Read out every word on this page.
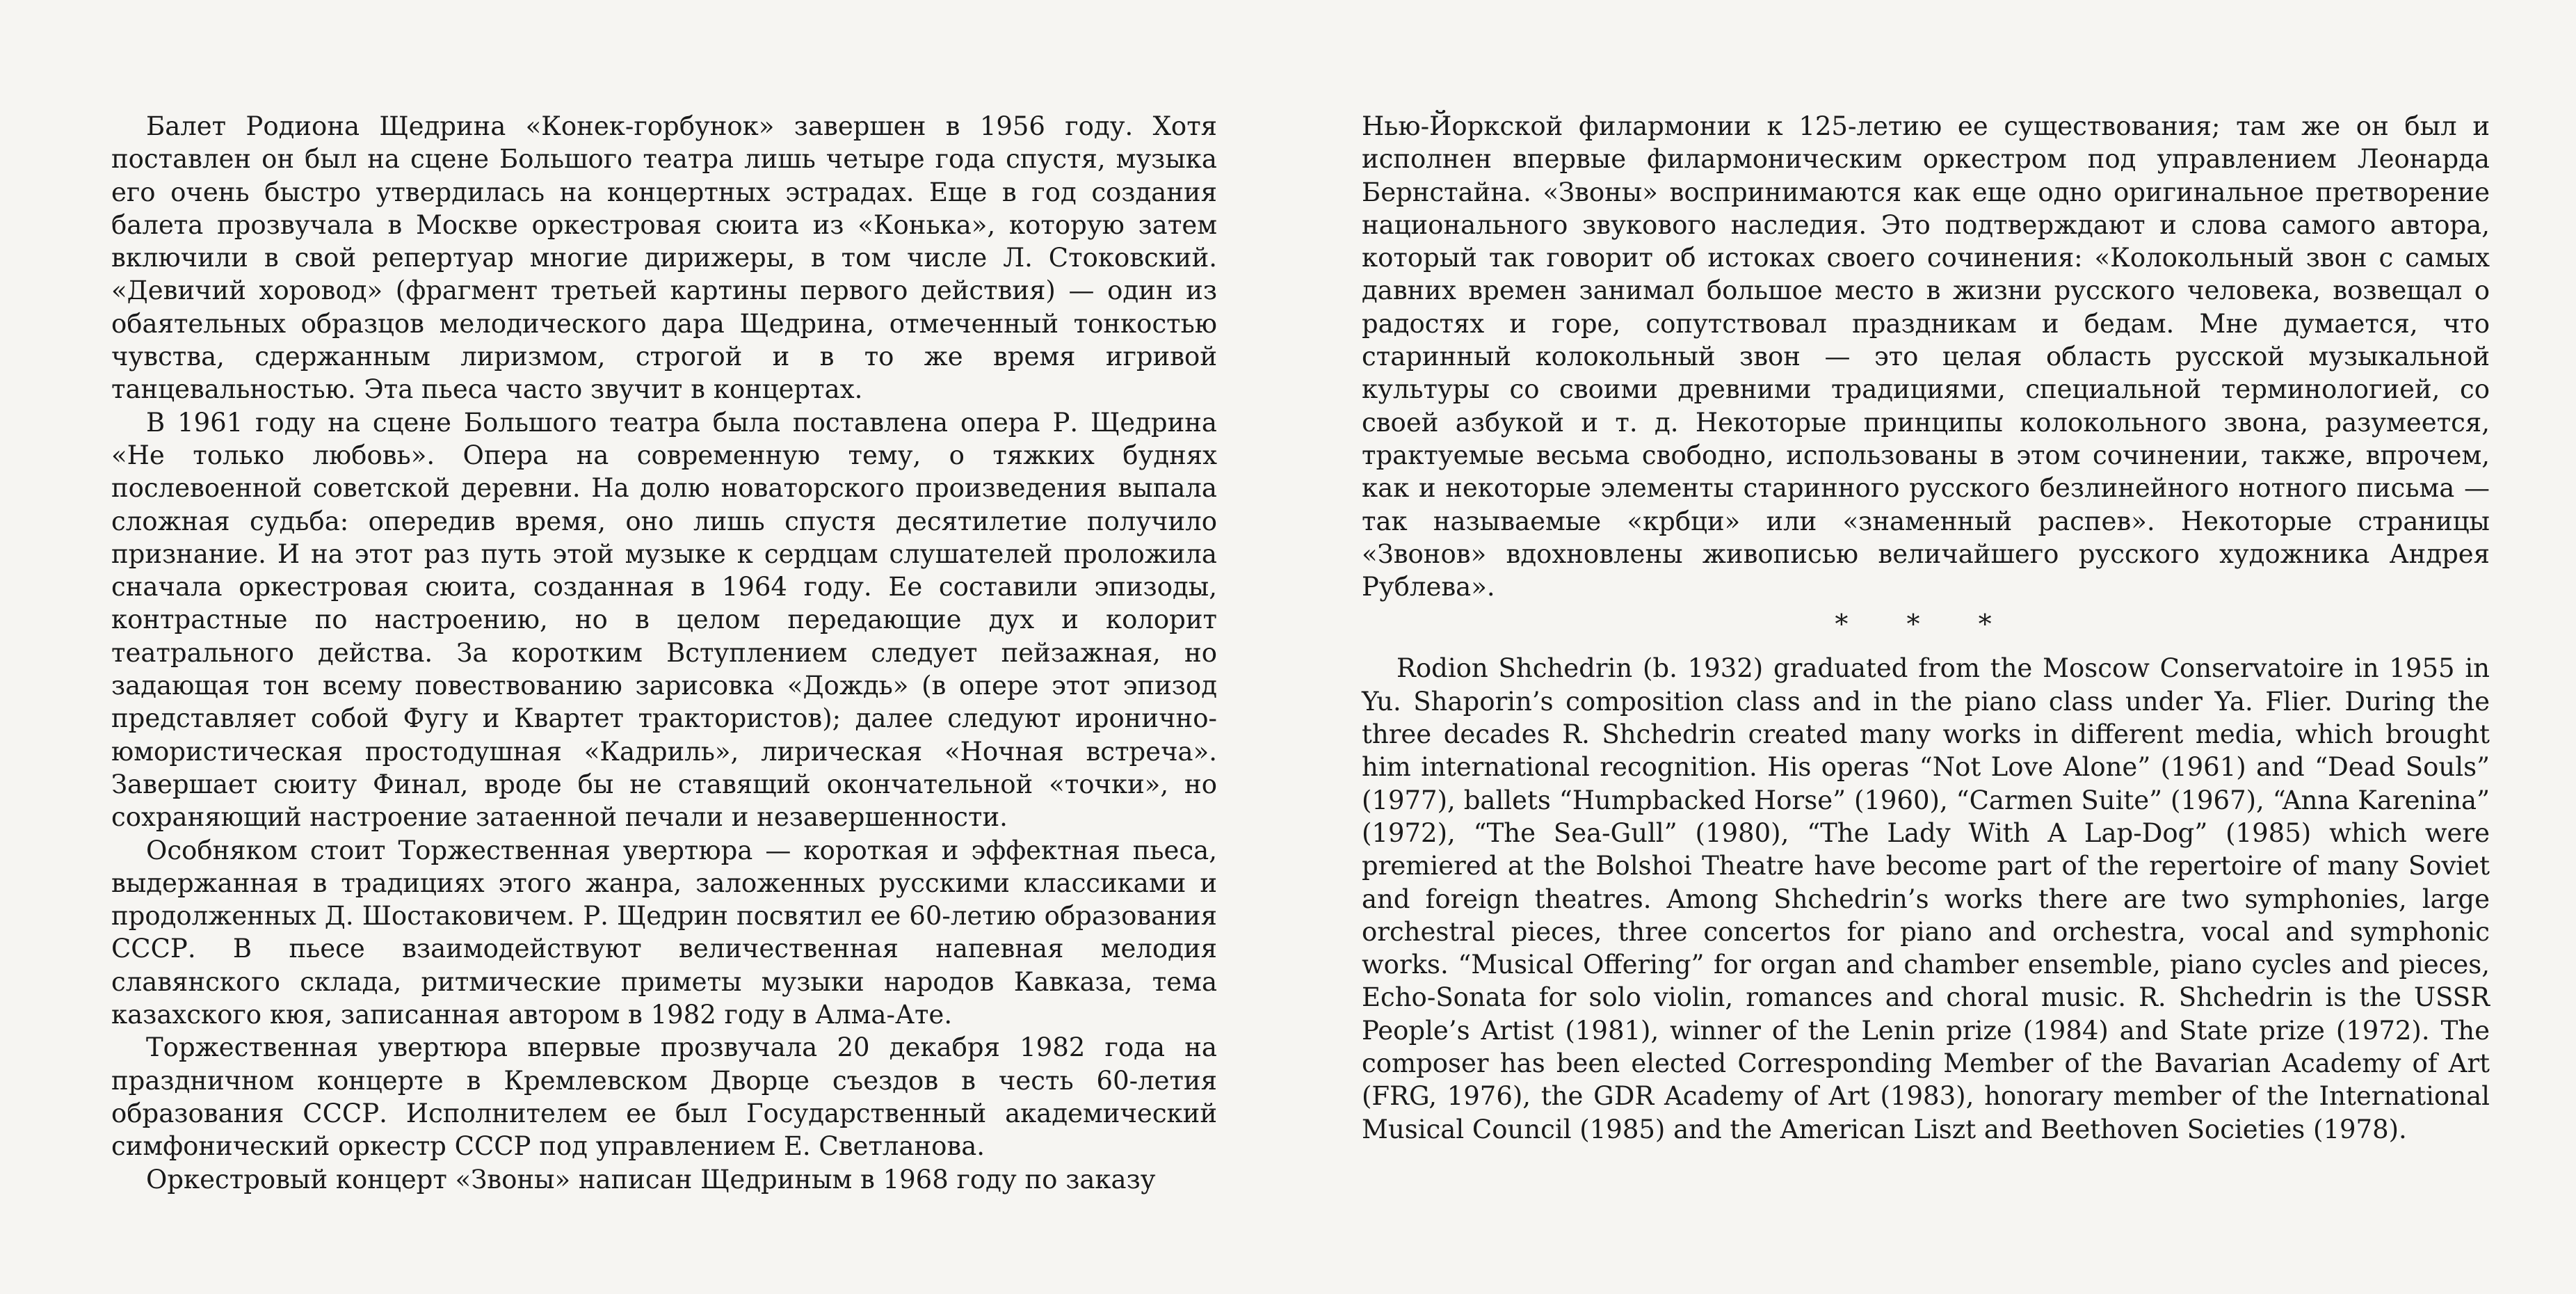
Балет Родиона Щедрина «Конек-горбунок» завершен в 1956 году. Хотя поставлен он был на сцене Большого театра лишь четыре года спустя, музыка его очень быстро утвердилась на концертных эстрадах. Еще в год создания балета прозвучала в Москве оркестровая сюита из «Конька», которую затем включили в свой репертуар многие дирижеры, в том числе Л. Стоковский. «Девичий хоровод» (фрагмент третьей картины первого действия) — один из обаятельных образцов мелодического дара Щедрина, отмеченный тонкостью чувства, сдержанным лиризмом, строгой и в то же время игривой танцевальностью. Эта пьеса часто звучит в концертах.

В 1961 году на сцене Большого театра была поставлена опера Р. Щедрина «Не только любовь». Опера на современную тему, о тяжких буднях послевоенной советской деревни. На долю новаторского произведения выпала сложная судьба: опередив время, оно лишь спустя десятилетие получило признание. И на этот раз путь этой музыке к сердцам слушателей проложила сначала оркестровая сюита, созданная в 1964 году. Ее составили эпизоды, контрастные по настроению, но в целом передающие дух и колорит театрального действа. За коротким Вступлением следует пейзажная, но задающая тон всему повествованию зарисовка «Дождь» (в опере этот эпизод представляет собой Фугу и Квартет трактористов); далее следуют иронично-юмористическая простодушная «Кадриль», лирическая «Ночная встреча». Завершает сюиту Финал, вроде бы не ставящий окончательной «точки», но сохраняющий настроение затаенной печали и незавершенности.

Особняком стоит Торжественная увертюра — короткая и эффектная пьеса, выдержанная в традициях этого жанра, заложенных русскими классиками и продолженных Д. Шостаковичем. Р. Щедрин посвятил ее 60-летию образования СССР. В пьесе взаимодействуют величественная напевная мелодия славянского склада, ритмические приметы музыки народов Кавказа, тема казахского кюя, записанная автором в 1982 году в Алма-Ате.

Торжественная увертюра впервые прозвучала 20 декабря 1982 года на праздничном концерте в Кремлевском Дворце съездов в честь 60-летия образования СССР. Исполнителем ее был Государственный академический симфонический оркестр СССР под управлением Е. Светланова.

Оркестровый концерт «Звоны» написан Щедриным в 1968 году по заказу

Нью-Йоркской филармонии к 125-летию ее существования; там же он был и исполнен впервые филармоническим оркестром под управлением Леонарда Бернстайна. «Звоны» воспринимаются как еще одно оригинальное претворение национального звукового наследия. Это подтверждают и слова самого автора, который так говорит об истоках своего сочинения: «Колокольный звон с самых давних времен занимал большое место в жизни русского человека, возвещал о радостях и горе, сопутствовал праздникам и бедам. Мне думается, что старинный колокольный звон — это целая область русской музыкальной культуры со своими древними традициями, специальной терминологией, со своей азбукой и т. д. Некоторые принципы колокольного звона, разумеется, трактуемые весьма свободно, использованы в этом сочинении, также, впрочем, как и некоторые элементы старинного русского безлинейного нотного письма — так называемые «крбци» или «знаменный распев». Некоторые страницы «Звонов» вдохновлены живописью величайшего русского художника Андрея Рублева».

* * *

Rodion Shchedrin (b. 1932) graduated from the Moscow Conservatoire in 1955 in Yu. Shaporin’s composition class and in the piano class under Ya. Flier. During the three decades R. Shchedrin created many works in different media, which brought him international recognition. His operas “Not Love Alone” (1961) and “Dead Souls” (1977), ballets “Humpbacked Horse” (1960), “Carmen Suite” (1967), “Anna Karenina” (1972), “The Sea-Gull” (1980), “The Lady With A Lap-Dog” (1985) which were premiered at the Bolshoi Theatre have become part of the repertoire of many Soviet and foreign theatres. Among Shchedrin’s works there are two symphonies, large orchestral pieces, three concertos for piano and orchestra, vocal and symphonic works. “Musical Offering” for organ and chamber ensemble, piano cycles and pieces, Echo-Sonata for solo violin, romances and choral music. R. Shchedrin is the USSR People’s Artist (1981), winner of the Lenin prize (1984) and State prize (1972). The composer has been elected Corresponding Member of the Bavarian Academy of Art (FRG, 1976), the GDR Academy of Art (1983), honorary member of the International Musical Council (1985) and the American Liszt and Beethoven Societies (1978).
